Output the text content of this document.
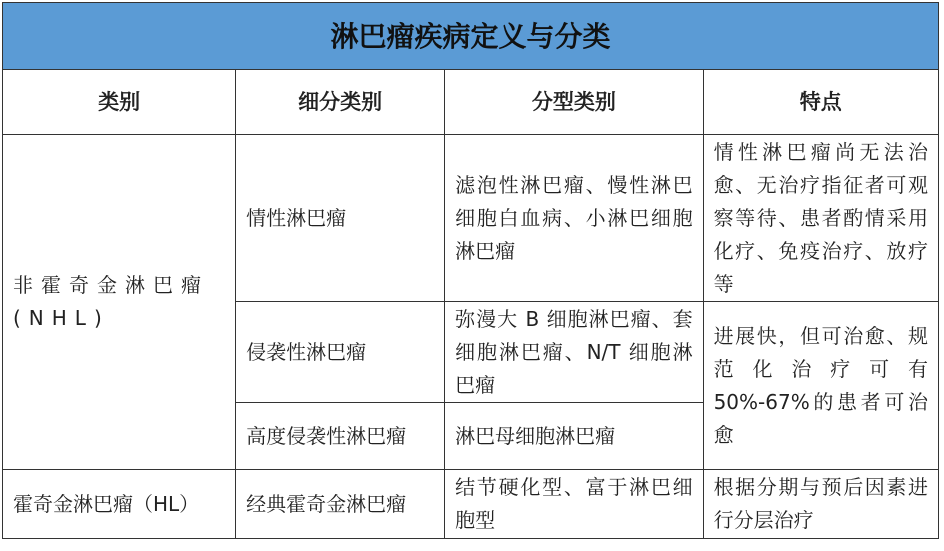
淋巴瘤疾病定义与分类			
类别	细分类别	分型类别	特点
非霍奇金淋巴瘤(NHL)	情性淋巴瘤	滤泡性淋巴瘤、慢性淋巴细胞白血病、小淋巴细胞淋巴瘤	情性淋巴瘤尚无法治愈、无治疗指征者可观察等待、患者酌情采用化疗、免疫治疗、放疗等
	侵袭性淋巴瘤	弥漫大 B 细胞淋巴瘤、套细胞淋巴瘤、N/T 细胞淋巴瘤	进展快，但可治愈、规范化治疗可有 50%-67%的患者可治愈
	高度侵袭性淋巴瘤	淋巴母细胞淋巴瘤	
霍奇金淋巴瘤（HL）	经典霍奇金淋巴瘤	结节硬化型、富于淋巴细胞型	根据分期与预后因素进行分层治疗
